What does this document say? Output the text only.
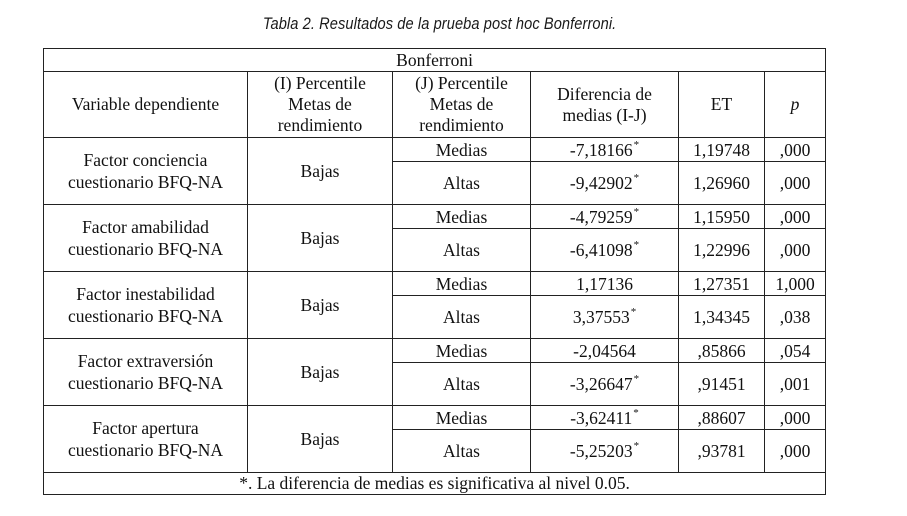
Tabla 2. Resultados de la prueba post hoc Bonferroni.
Bonferroni					
Variable dependiente	(I) Percentile Metas de rendimiento	(J) Percentile Metas de rendimiento	Diferencia de medias (I-J)	ET	p
Factor conciencia cuestionario BFQ-NA	Bajas	Medias	-7,18166*	1,19748	,000
		Altas	-9,42902*	1,26960	,000
Factor amabilidad cuestionario BFQ-NA	Bajas	Medias	-4,79259*	1,15950	,000
		Altas	-6,41098*	1,22996	,000
Factor inestabilidad cuestionario BFQ-NA	Bajas	Medias	1,17136	1,27351	1,000
		Altas	3,37553*	1,34345	,038
Factor extraversión cuestionario BFQ-NA	Bajas	Medias	-2,04564	,85866	,054
		Altas	-3,26647*	,91451	,001
Factor apertura cuestionario BFQ-NA	Bajas	Medias	-3,62411*	,88607	,000
		Altas	-5,25203*	,93781	,000
*. La diferencia de medias es significativa al nivel 0.05.					
